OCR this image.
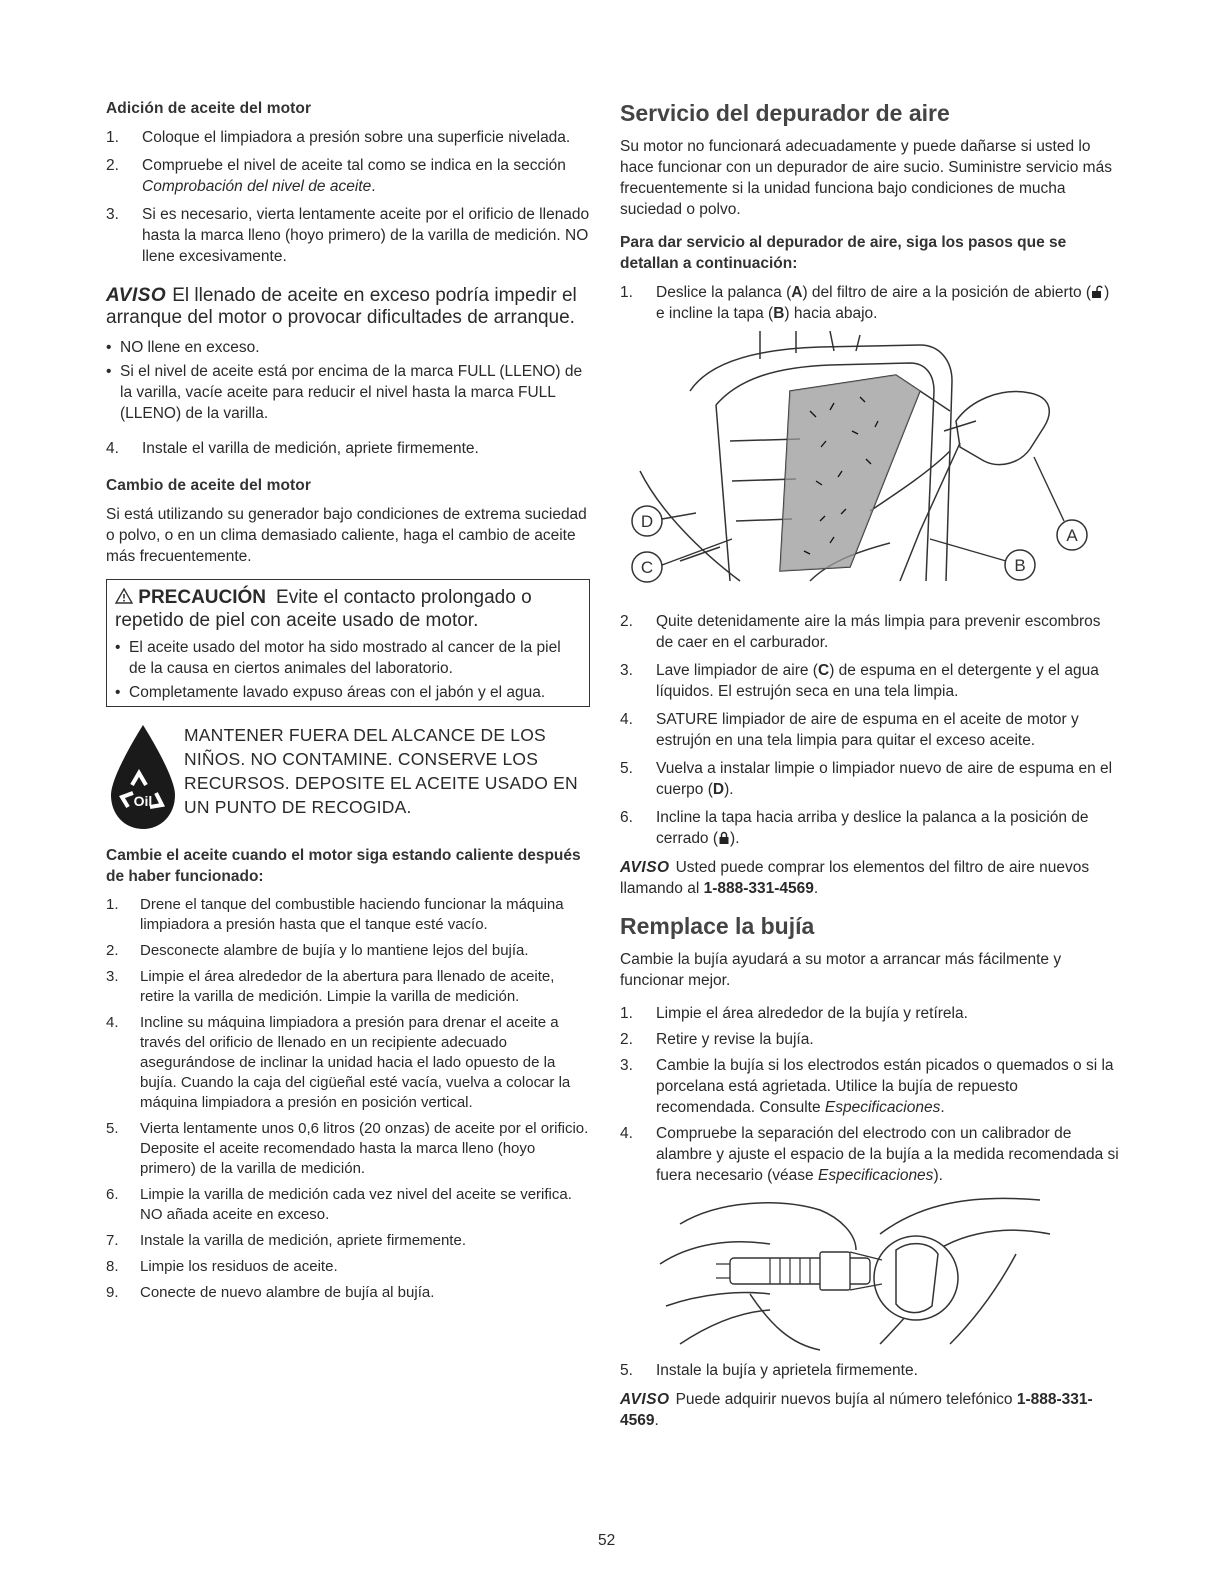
Adición de aceite del motor
1.	Coloque el limpiadora a presión sobre una superficie nivelada.
2.	Compruebe el nivel de aceite tal como se indica en la sección Comprobación del nivel de aceite.
3.	Si es necesario, vierta lentamente aceite por el orificio de llenado hasta la marca lleno (hoyo primero) de la varilla de medición. NO llene excesivamente.
AVISO El llenado de aceite en exceso podría impedir el arranque del motor o provocar dificultades de arranque.
• NO llene en exceso.
• Si el nivel de aceite está por encima de la marca FULL (LLENO) de la varilla, vacíe aceite para reducir el nivel hasta la marca FULL (LLENO) de la varilla.
4.	Instale el varilla de medición, apriete firmemente.
Cambio de aceite del motor

Si está utilizando su generador bajo condiciones de extrema suciedad o polvo, o en un clima demasiado caliente, haga el cambio de aceite más frecuentemente.

PRECAUCIÓN Evite el contacto prolongado o repetido de piel con aceite usado de motor.
• El aceite usado del motor ha sido mostrado al cancer de la piel de la causa en ciertos animales del laboratorio.
• Completamente lavado expuso áreas con el jabón y el agua.
Oil
MANTENER FUERA DEL ALCANCE DE LOS NIÑOS. NO CONTAMINE. CONSERVE LOS RECURSOS. DEPOSITE EL ACEITE USADO EN UN PUNTO DE RECOGIDA.

Cambie el aceite cuando el motor siga estando caliente después de haber funcionado:

1.	Drene el tanque del combustible haciendo funcionar la máquina limpiadora a presión hasta que el tanque esté vacío.
2.	Desconecte alambre de bujía y lo mantiene lejos del bujía.
3.	Limpie el área alrededor de la abertura para llenado de aceite, retire la varilla de medición. Limpie la varilla de medición.
4.	Incline su máquina limpiadora a presión para drenar el aceite a través del orificio de llenado en un recipiente adecuado asegurándose de inclinar la unidad hacia el lado opuesto de la bujía. Cuando la caja del cigüeñal esté vacía, vuelva a colocar la máquina limpiadora a presión en posición vertical.
5.	Vierta lentamente unos 0,6 litros (20 onzas) de aceite por el orificio. Deposite el aceite recomendado hasta la marca lleno (hoyo primero) de la varilla de medición.
6.	Limpie la varilla de medición cada vez nivel del aceite se verifica. NO añada aceite en exceso.
7.	Instale la varilla de medición, apriete firmemente.
8.	Limpie los residuos de aceite.
9.	Conecte de nuevo alambre de bujía al bujía.
Servicio del depurador de aire

Su motor no funcionará adecuadamente y puede dañarse si usted lo hace funcionar con un depurador de aire sucio. Suministre servicio más frecuentemente si la unidad funciona bajo condiciones de mucha suciedad o polvo.

Para dar servicio al depurador de aire, siga los pasos que se detallan a continuación:

1.	Deslice la palanca (A) del filtro de aire a la posición de abierto ( ) e incline la tapa (B) hacia abajo.
D
C
A
B
2.	Quite detenidamente aire la más limpia para prevenir escombros de caer en el carburador.
3.	Lave limpiador de aire (C) de espuma en el detergente y el agua líquidos. El estrujón seca en una tela limpia.
4.	SATURE limpiador de aire de espuma en el aceite de motor y estrujón en una tela limpia para quitar el exceso aceite.
5.	Vuelva a instalar limpie o limpiador nuevo de aire de espuma en el cuerpo (D).
6.	Incline la tapa hacia arriba y deslice la palanca a la posición de cerrado ( ).

AVISO Usted puede comprar los elementos del filtro de aire nuevos llamando al 1-888-331-4569.

Remplace la bujía

Cambie la bujía ayudará a su motor a arrancar más fácilmente y funcionar mejor.

1.	Limpie el área alrededor de la bujía y retírela.
2.	Retire y revise la bujía.
3.	Cambie la bujía si los electrodos están picados o quemados o si la porcelana está agrietada. Utilice la bujía de repuesto recomendada. Consulte Especificaciones.
4.	Compruebe la separación del electrodo con un calibrador de alambre y ajuste el espacio de la bujía a la medida recomendada si fuera necesario (véase Especificaciones).
5.	Instale la bujía y aprietela firmemente.

AVISO Puede adquirir nuevos bujía al número telefónico 1-888-331-4569.

52
